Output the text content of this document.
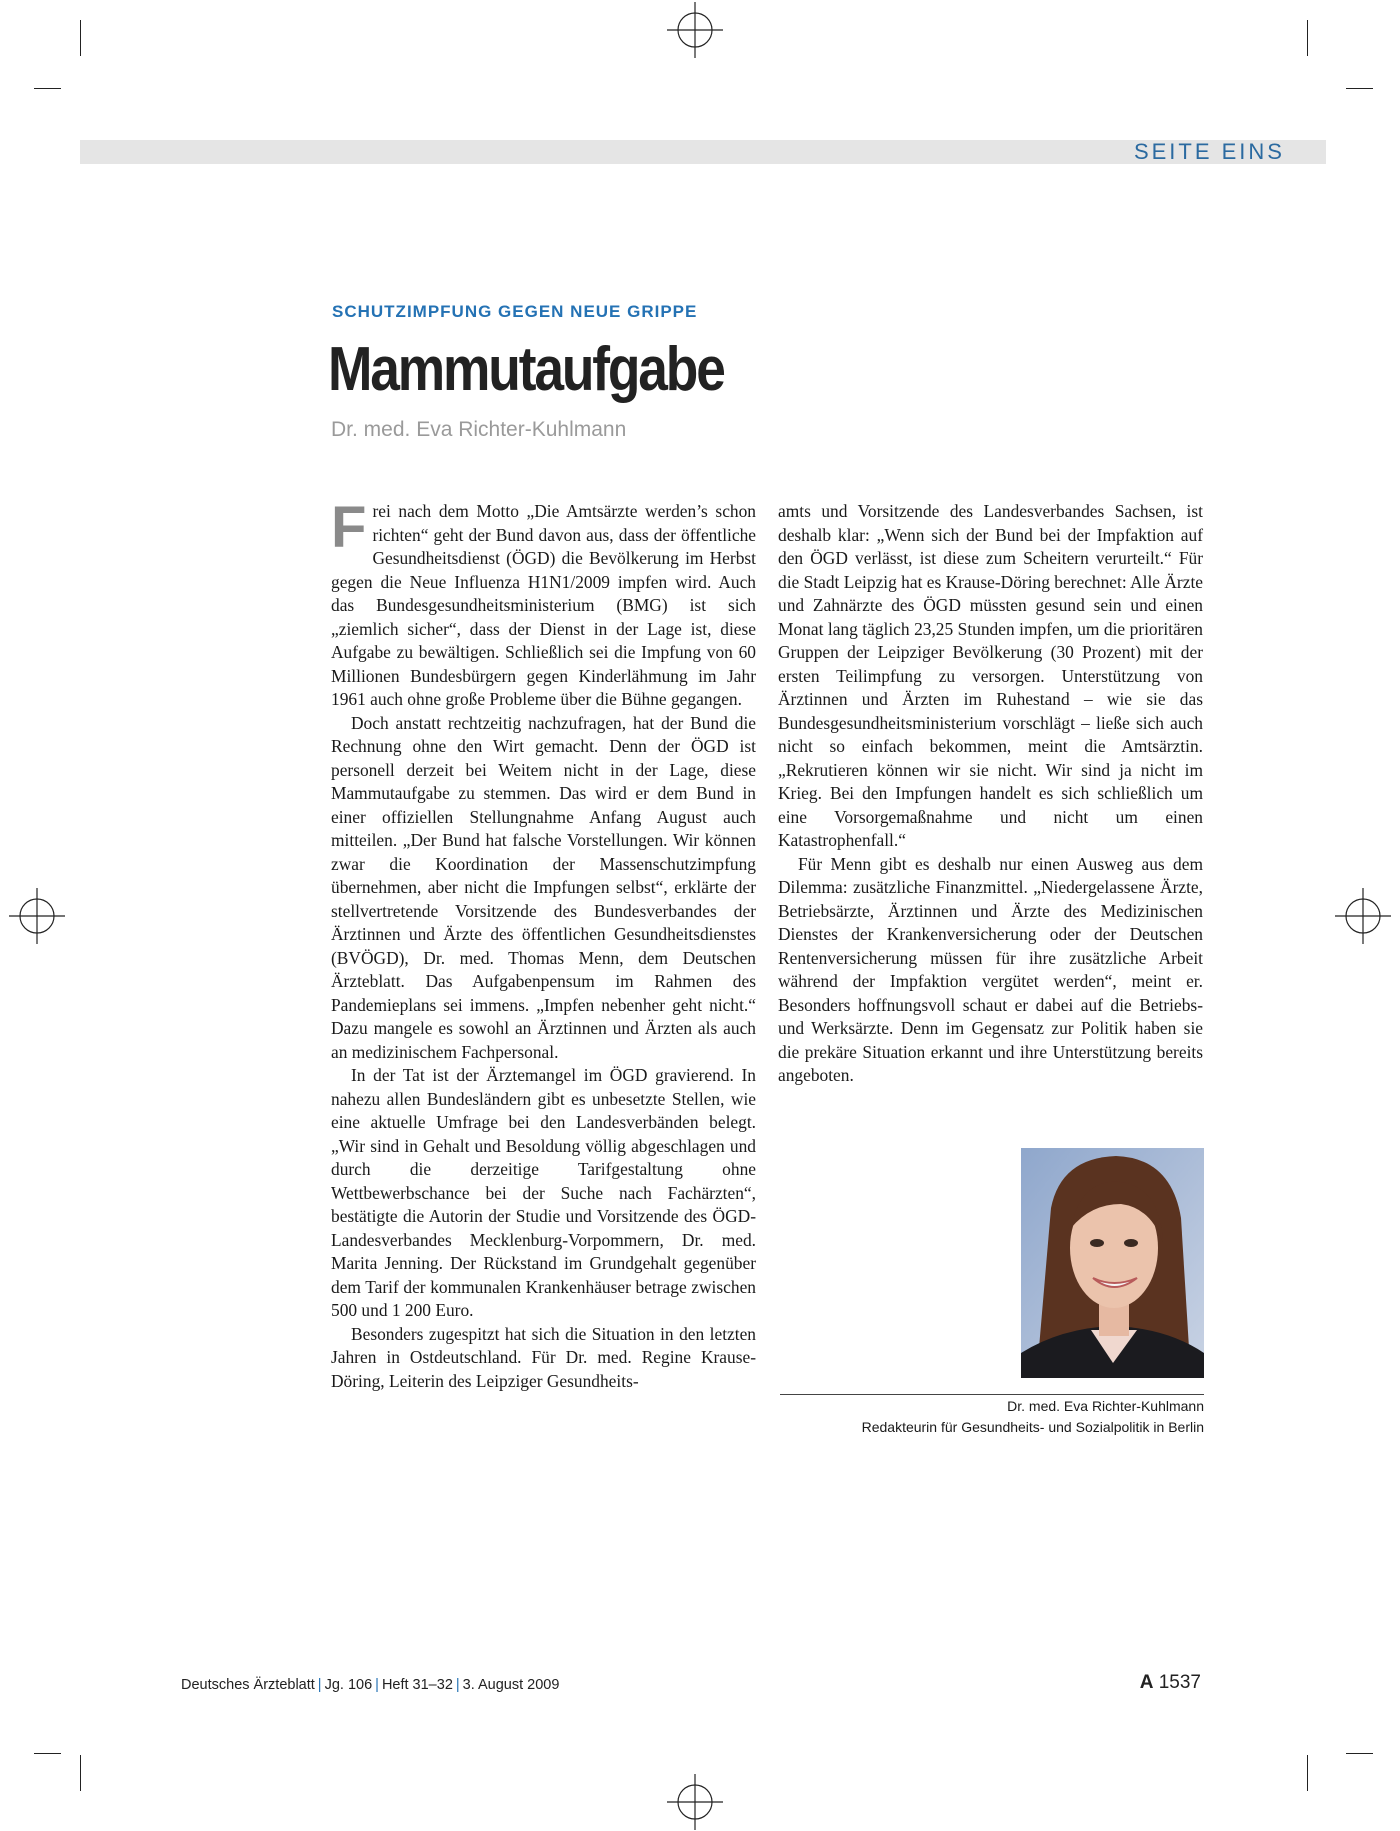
SEITE EINS
SCHUTZIMPFUNG GEGEN NEUE GRIPPE
Mammutaufgabe
Dr. med. Eva Richter-Kuhlmann

Frei nach dem Motto „Die Amtsärzte werden’s schon richten“ geht der Bund davon aus, dass der öffentliche Gesundheitsdienst (ÖGD) die Bevölkerung im Herbst gegen die Neue Influenza H1N1/2009 impfen wird. Auch das Bundesgesundheitsministerium (BMG) ist sich „ziemlich sicher“, dass der Dienst in der Lage ist, diese Aufgabe zu bewältigen. Schließlich sei die Impfung von 60 Millionen Bundesbürgern gegen Kinderlähmung im Jahr 1961 auch ohne große Probleme über die Bühne gegangen.

Doch anstatt rechtzeitig nachzufragen, hat der Bund die Rechnung ohne den Wirt gemacht. Denn der ÖGD ist personell derzeit bei Weitem nicht in der Lage, diese Mammutaufgabe zu stemmen. Das wird er dem Bund in einer offiziellen Stellungnahme Anfang August auch mitteilen. „Der Bund hat falsche Vorstellungen. Wir können zwar die Koordination der Massenschutzimpfung übernehmen, aber nicht die Impfungen selbst“, erklärte der stellvertretende Vorsitzende des Bundesverbandes der Ärztinnen und Ärzte des öffentlichen Gesundheitsdienstes (BVÖGD), Dr. med. Thomas Menn, dem Deutschen Ärzteblatt. Das Aufgabenpensum im Rahmen des Pandemieplans sei immens. „Impfen nebenher geht nicht.“ Dazu mangele es sowohl an Ärztinnen und Ärzten als auch an medizinischem Fachpersonal.

In der Tat ist der Ärztemangel im ÖGD gravierend. In nahezu allen Bundesländern gibt es unbesetzte Stellen, wie eine aktuelle Umfrage bei den Landesverbänden belegt. „Wir sind in Gehalt und Besoldung völlig abgeschlagen und durch die derzeitige Tarifgestaltung ohne Wettbewerbschance bei der Suche nach Fachärzten“, bestätigte die Autorin der Studie und Vorsitzende des ÖGD-Landesverbandes Mecklenburg-Vorpommern, Dr. med. Marita Jenning. Der Rückstand im Grundgehalt gegenüber dem Tarif der kommunalen Krankenhäuser betrage zwischen 500 und 1 200 Euro.

Besonders zugespitzt hat sich die Situation in den letzten Jahren in Ostdeutschland. Für Dr. med. Regine Krause-Döring, Leiterin des Leipziger Gesundheits-

amts und Vorsitzende des Landesverbandes Sachsen, ist deshalb klar: „Wenn sich der Bund bei der Impfaktion auf den ÖGD verlässt, ist diese zum Scheitern verurteilt.“ Für die Stadt Leipzig hat es Krause-Döring berechnet: Alle Ärzte und Zahnärzte des ÖGD müssten gesund sein und einen Monat lang täglich 23,25 Stunden impfen, um die prioritären Gruppen der Leipziger Bevölkerung (30 Prozent) mit der ersten Teilimpfung zu versorgen. Unterstützung von Ärztinnen und Ärzten im Ruhestand – wie sie das Bundesgesundheitsministerium vorschlägt – ließe sich auch nicht so einfach bekommen, meint die Amtsärztin. „Rekrutieren können wir sie nicht. Wir sind ja nicht im Krieg. Bei den Impfungen handelt es sich schließlich um eine Vorsorgemaßnahme und nicht um einen Katastrophenfall.“

Für Menn gibt es deshalb nur einen Ausweg aus dem Dilemma: zusätzliche Finanzmittel. „Niedergelassene Ärzte, Betriebsärzte, Ärztinnen und Ärzte des Medizinischen Dienstes der Krankenversicherung oder der Deutschen Rentenversicherung müssen für ihre zusätzliche Arbeit während der Impfaktion vergütet werden“, meint er. Besonders hoffnungsvoll schaut er dabei auf die Betriebs- und Werksärzte. Denn im Gegensatz zur Politik haben sie die prekäre Situation erkannt und ihre Unterstützung bereits angeboten.

Dr. med. Eva Richter-Kuhlmann
Redakteurin für Gesundheits- und Sozialpolitik in Berlin
Deutsches Ärzteblatt | Jg. 106 | Heft 31–32 | 3. August 2009	A 1537
